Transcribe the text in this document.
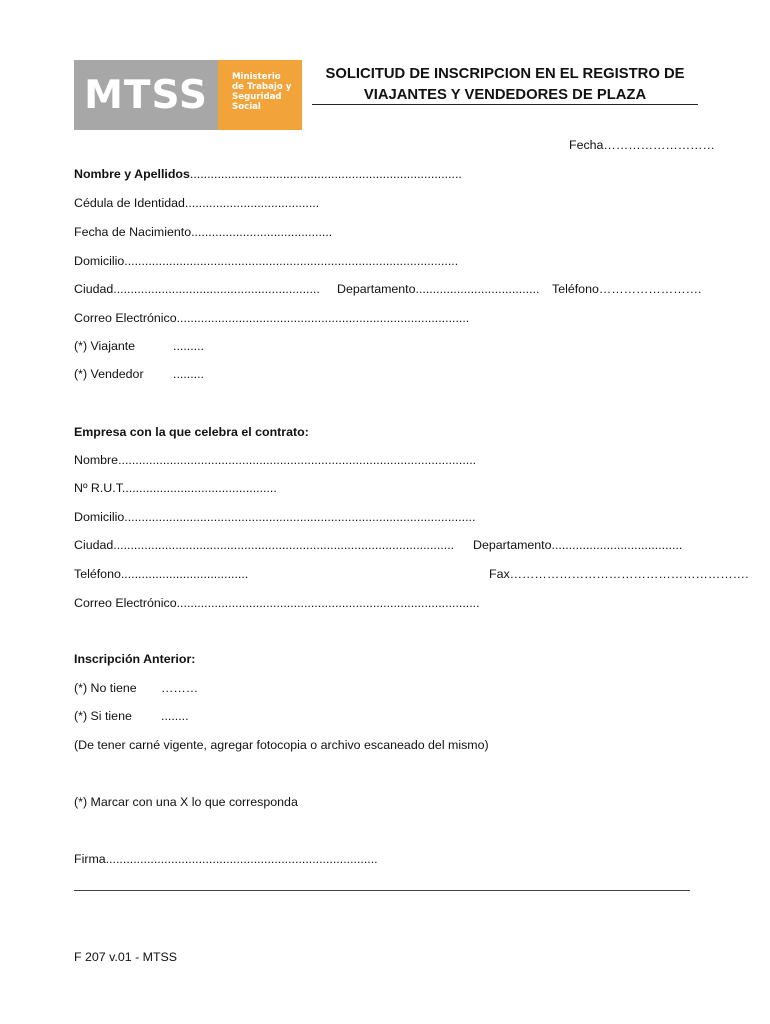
MTSS	Ministerio
de Trabajo y
Seguridad
Social
SOLICITUD DE INSCRIPCION EN EL REGISTRO DE
VIAJANTES Y VENDEDORES DE PLAZA
Fecha………………………
Nombre y Apellidos...............................................................................
Cédula de Identidad.......................................
Fecha de Nacimiento.........................................
Domicilio.................................................................................................
Ciudad............................................................ Departamento.................................... Teléfono…………………….
Correo Electrónico.....................................................................................
(*) Viajante	.........
(*) Vendedor .........
Empresa con la que celebra el contrato:
Nombre........................................................................................................
Nº R.U.T.............................................
Domicilio......................................................................................................
Ciudad................................................................................................... Departamento......................................
Teléfono.....................................	Fax………………………………………………….
Correo Electrónico........................................................................................
Inscripción Anterior:
(*) No tiene ………
(*) Si tiene ........
(De tener carné vigente, agregar fotocopia o archivo escaneado del mismo)
(*) Marcar con una X lo que corresponda
Firma...............................................................................
F 207 v.01 - MTSS
